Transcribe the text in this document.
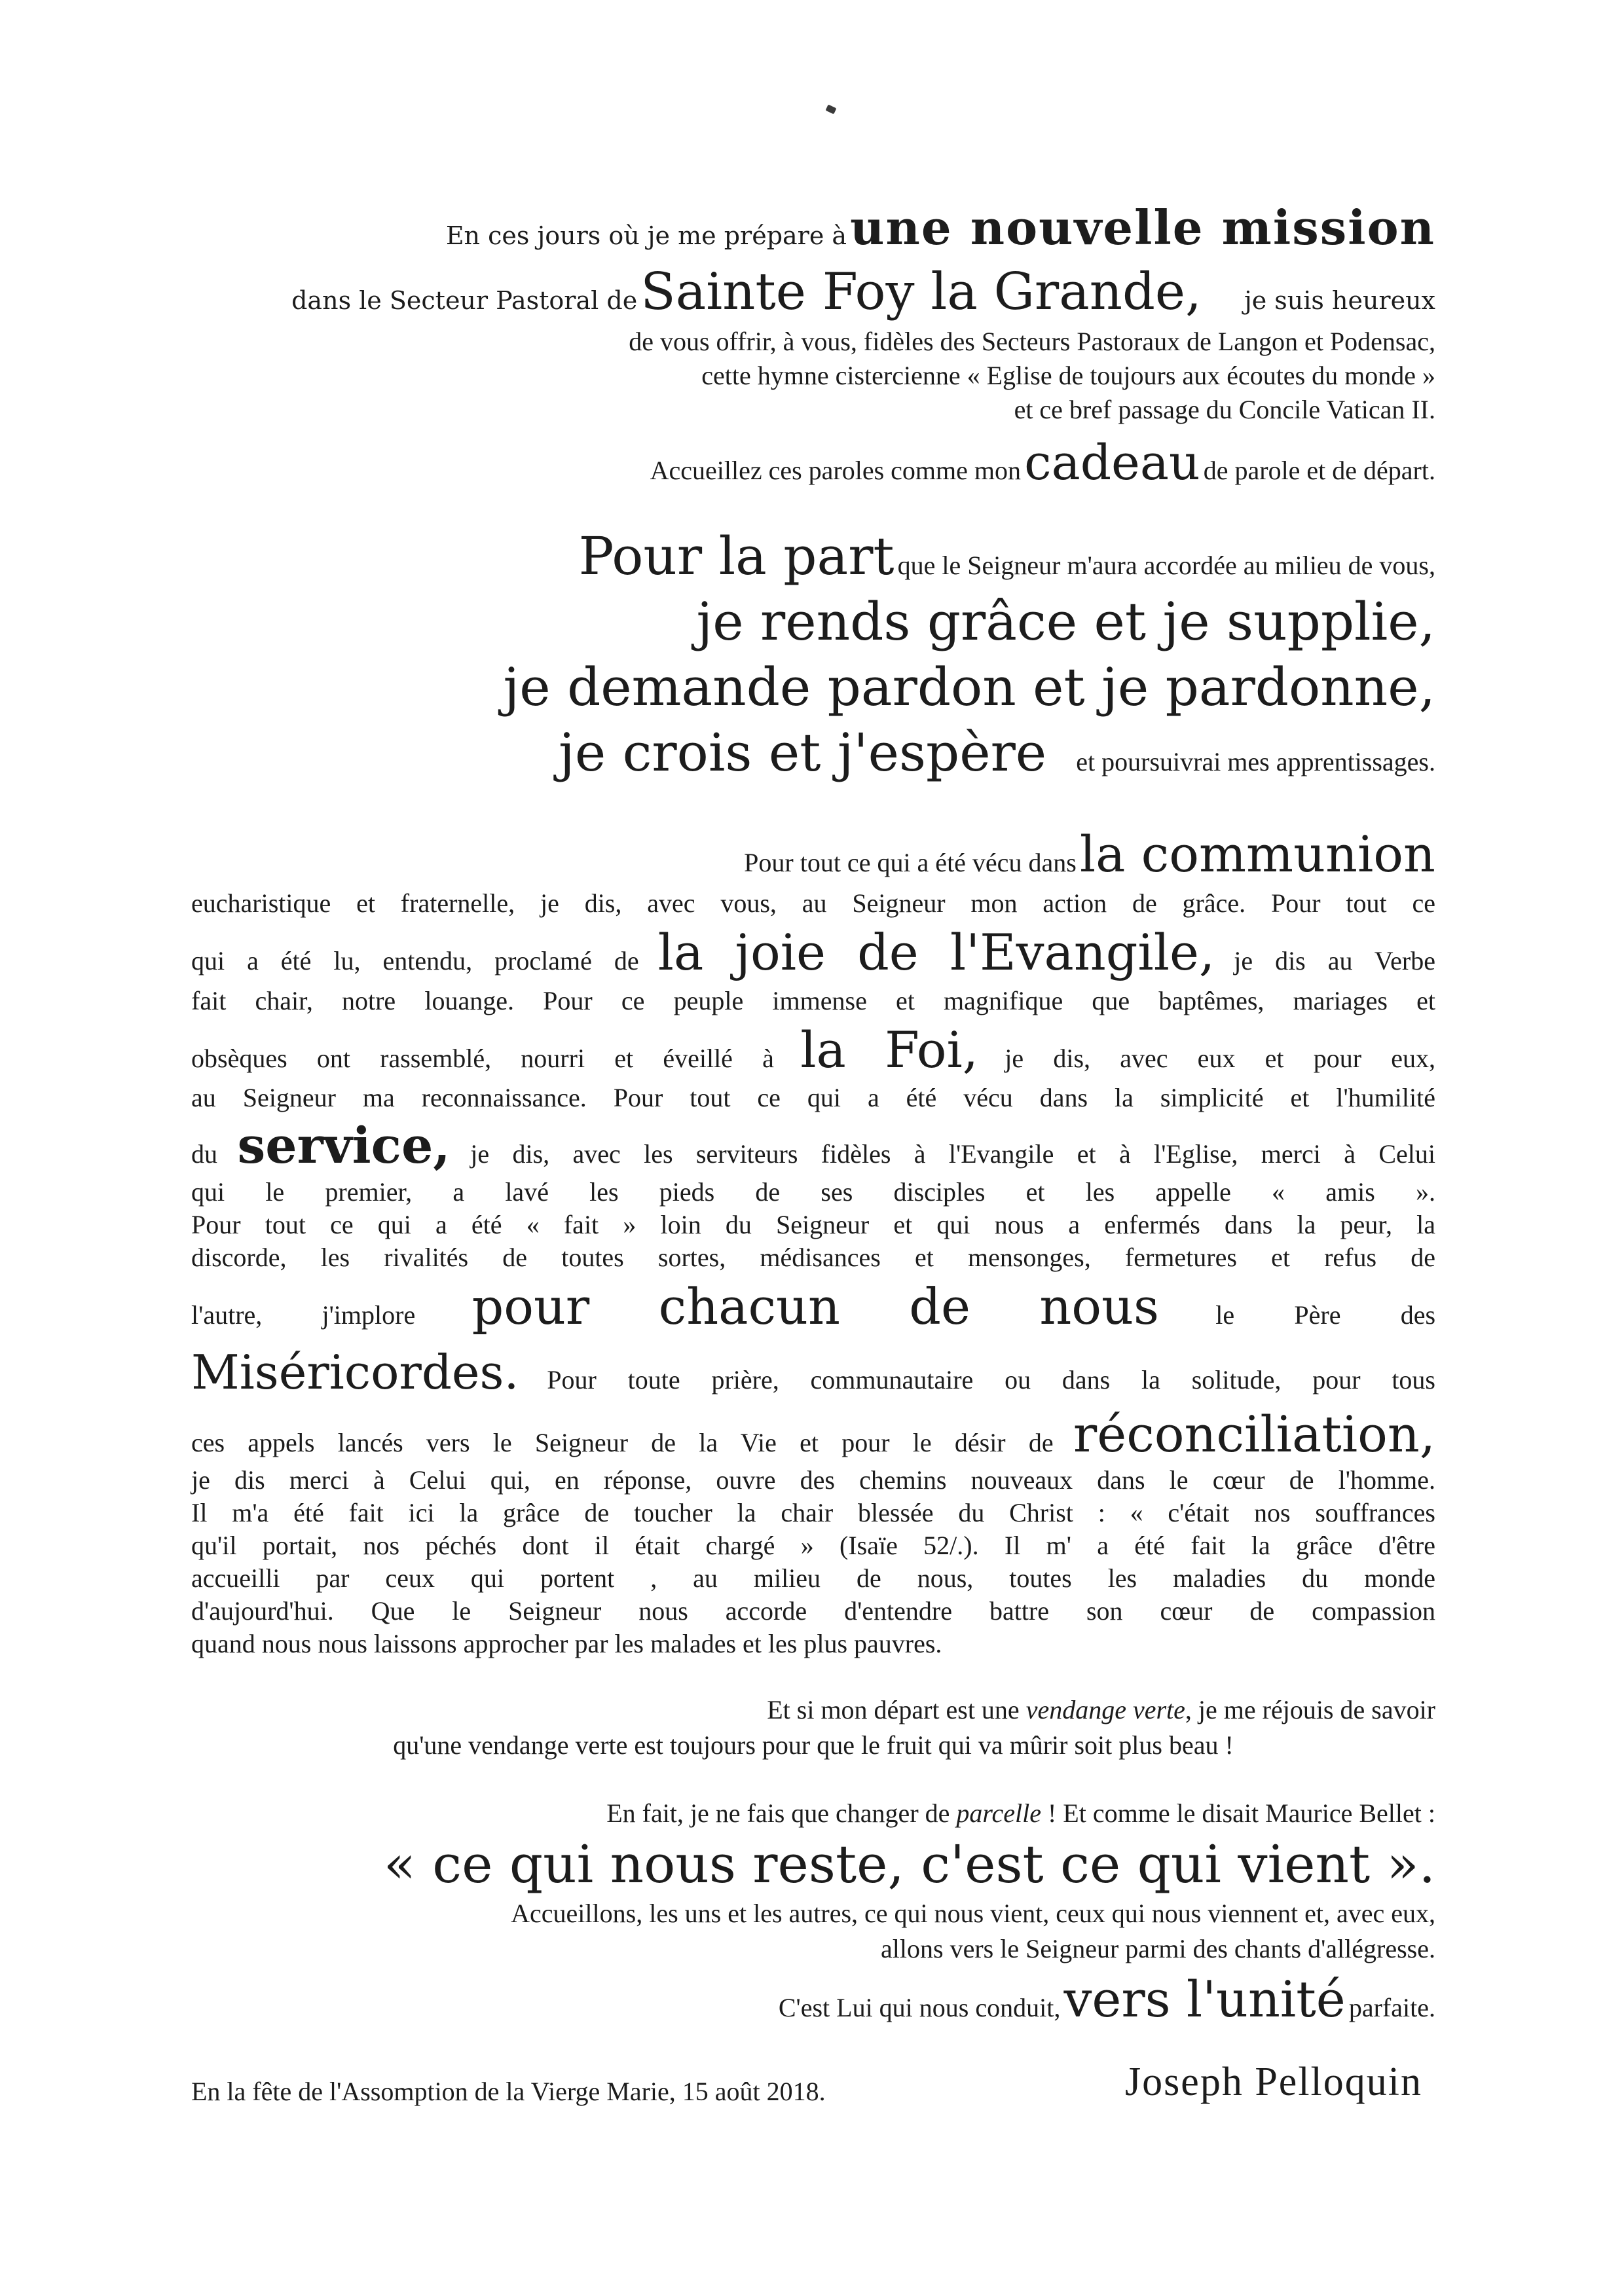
En ces jours où je me prépare à une nouvelle mission
dans le Secteur Pastoral de Sainte Foy la Grande, je suis heureux
de vous offrir, à vous, fidèles des Secteurs Pastoraux de Langon et Podensac,
cette hymne cistercienne « Eglise de toujours aux écoutes du monde »
et ce bref passage du Concile Vatican II.
Accueillez ces paroles comme mon cadeau de parole et de départ.
Pour la part que le Seigneur m'aura accordée au milieu de vous,
je rends grâce et je supplie,
je demande pardon et je pardonne,
je crois et j'espère et poursuivrai mes apprentissages.
Pour tout ce qui a été vécu dans la communion
eucharistique et fraternelle, je dis, avec vous, au Seigneur mon action de grâce. Pour tout ce
qui a été lu, entendu, proclamé de la joie de l'Evangile, je dis au Verbe
fait chair, notre louange. Pour ce peuple immense et magnifique que baptêmes, mariages et
obsèques ont rassemblé, nourri et éveillé à la Foi, je dis, avec eux et pour eux,
au Seigneur ma reconnaissance. Pour tout ce qui a été vécu dans la simplicité et l'humilité
du service, je dis, avec les serviteurs fidèles à l'Evangile et à l'Eglise, merci à Celui
qui le premier, a lavé les pieds de ses disciples et les appelle « amis ».
Pour tout ce qui a été « fait » loin du Seigneur et qui nous a enfermés dans la peur, la
discorde, les rivalités de toutes sortes, médisances et mensonges, fermetures et refus de
l'autre, j'implore pour chacun de nous le Père des
Miséricordes. Pour toute prière, communautaire ou dans la solitude, pour tous
ces appels lancés vers le Seigneur de la Vie et pour le désir de réconciliation,
je dis merci à Celui qui, en réponse, ouvre des chemins nouveaux dans le cœur de l'homme.
Il m'a été fait ici la grâce de toucher la chair blessée du Christ : « c'était nos souffrances
qu'il portait, nos péchés dont il était chargé » (Isaïe 52/.). Il m' a été fait la grâce d'être
accueilli par ceux qui portent , au milieu de nous, toutes les maladies du monde
d'aujourd'hui. Que le Seigneur nous accorde d'entendre battre son cœur de compassion
quand nous nous laissons approcher par les malades et les plus pauvres.
Et si mon départ est une vendange verte, je me réjouis de savoir
qu'une vendange verte est toujours pour que le fruit qui va mûrir soit plus beau !
En fait, je ne fais que changer de parcelle ! Et comme le disait Maurice Bellet :
« ce qui nous reste, c'est ce qui vient ».
Accueillons, les uns et les autres, ce qui nous vient, ceux qui nous viennent et, avec eux,
allons vers le Seigneur parmi des chants d'allégresse.
C'est Lui qui nous conduit, vers l'unité parfaite.
En la fête de l'Assomption de la Vierge Marie, 15 août 2018.	Joseph Pelloquin
